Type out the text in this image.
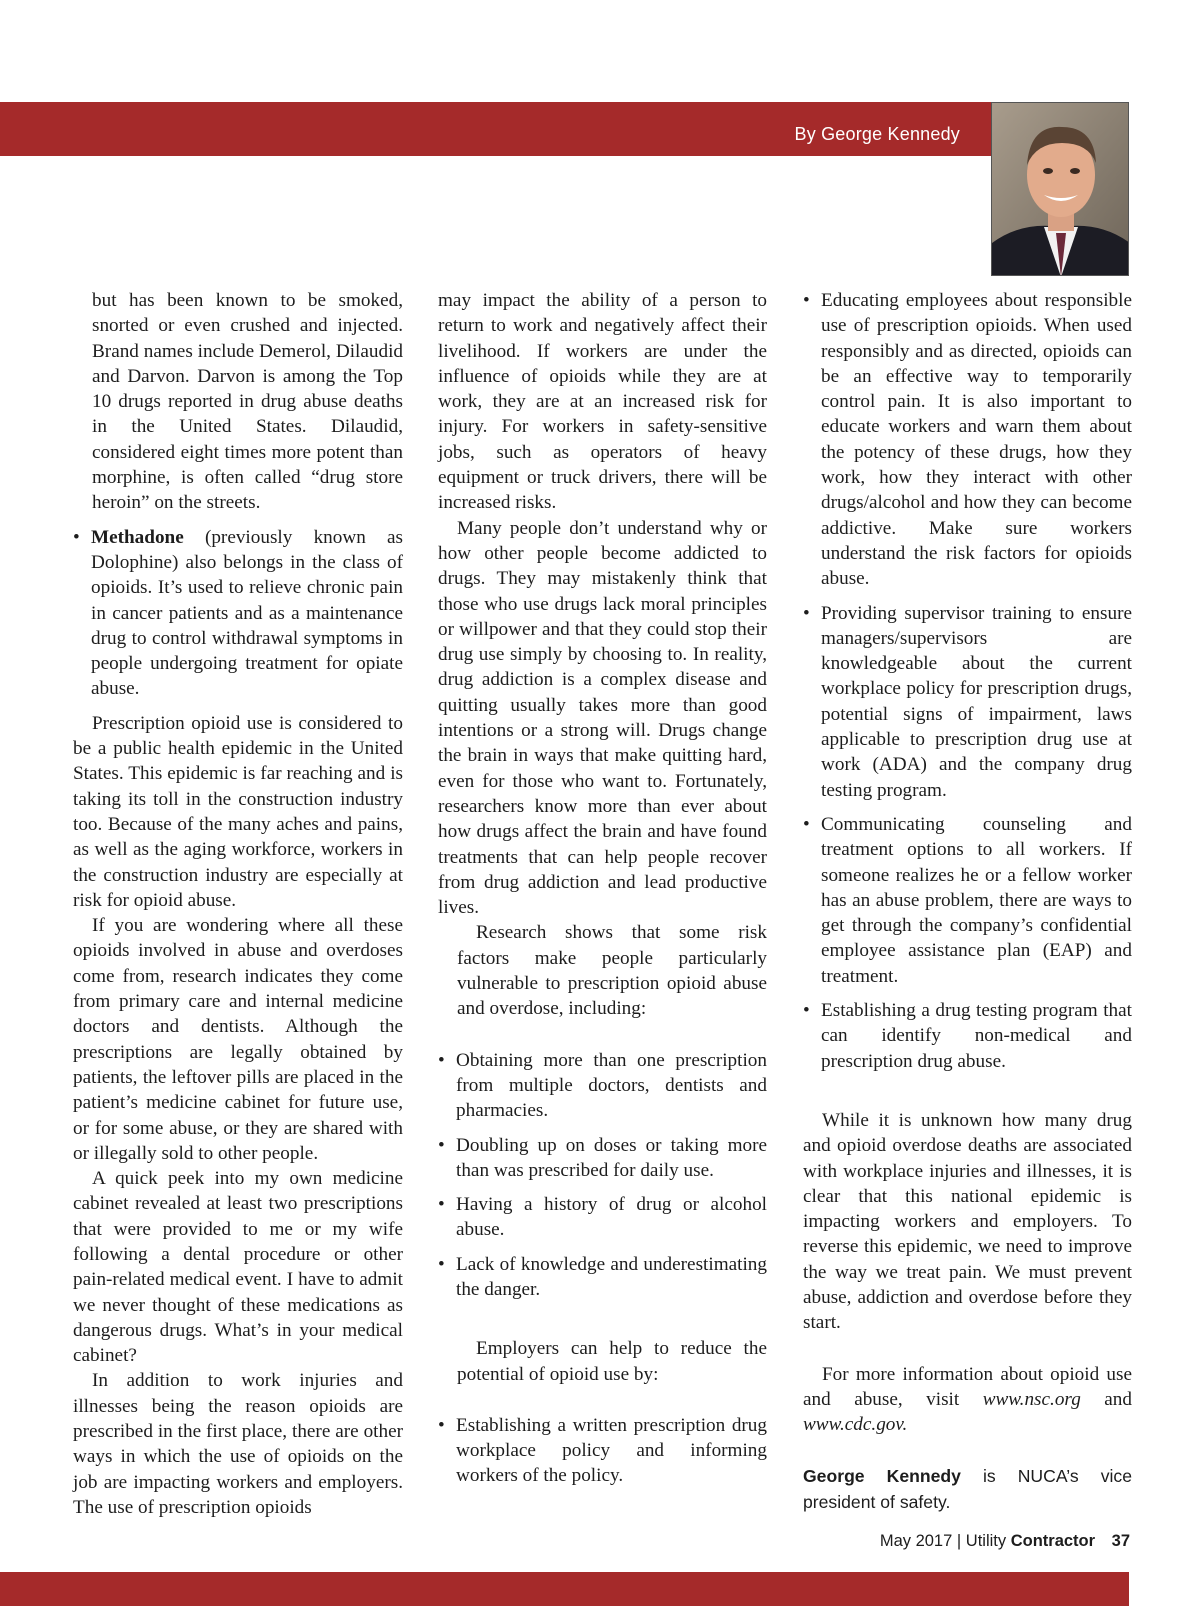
By George Kennedy

but has been known to be smoked, snorted or even crushed and injected. Brand names include Demerol, Dilaudid and Darvon. Darvon is among the Top 10 drugs reported in drug abuse deaths in the United States. Dilaudid, considered eight times more potent than morphine, is often called “drug store heroin” on the streets.

• Methadone (previously known as Dolophine) also belongs in the class of opioids. It’s used to relieve chronic pain in cancer patients and as a maintenance drug to control withdrawal symptoms in people undergoing treatment for opiate abuse.

Prescription opioid use is considered to be a public health epidemic in the United States. This epidemic is far reaching and is taking its toll in the construction industry too. Because of the many aches and pains, as well as the aging workforce, workers in the construction industry are especially at risk for opioid abuse.

If you are wondering where all these opioids involved in abuse and overdoses come from, research indicates they come from primary care and internal medicine doctors and dentists. Although the prescriptions are legally obtained by patients, the leftover pills are placed in the patient’s medicine cabinet for future use, or for some abuse, or they are shared with or illegally sold to other people.

A quick peek into my own medicine cabinet revealed at least two prescriptions that were provided to me or my wife following a dental procedure or other pain-related medical event. I have to admit we never thought of these medications as dangerous drugs. What’s in your medical cabinet?

In addition to work injuries and illnesses being the reason opioids are prescribed in the first place, there are other ways in which the use of opioids on the job are impacting workers and employers. The use of prescription opioids

may impact the ability of a person to return to work and negatively affect their livelihood. If workers are under the influence of opioids while they are at work, they are at an increased risk for injury. For workers in safety-sensitive jobs, such as operators of heavy equipment or truck drivers, there will be increased risks.

Many people don’t understand why or how other people become addicted to drugs. They may mistakenly think that those who use drugs lack moral principles or willpower and that they could stop their drug use simply by choosing to. In reality, drug addiction is a complex disease and quitting usually takes more than good intentions or a strong will. Drugs change the brain in ways that make quitting hard, even for those who want to. Fortunately, researchers know more than ever about how drugs affect the brain and have found treatments that can help people recover from drug addiction and lead productive lives.

Research shows that some risk factors make people particularly vulnerable to prescription opioid abuse and overdose, including:

• Obtaining more than one prescription from multiple doctors, dentists and pharmacies.
• Doubling up on doses or taking more than was prescribed for daily use.
• Having a history of drug or alcohol abuse.
• Lack of knowledge and underestimating the danger.

Employers can help to reduce the potential of opioid use by:

• Establishing a written prescription drug workplace policy and informing workers of the policy.
• Educating employees about responsible use of prescription opioids. When used responsibly and as directed, opioids can be an effective way to temporarily control pain. It is also important to educate workers and warn them about the potency of these drugs, how they work, how they interact with other drugs/alcohol and how they can become addictive. Make sure workers understand the risk factors for opioids abuse.
• Providing supervisor training to ensure managers/supervisors are knowledgeable about the current workplace policy for prescription drugs, potential signs of impairment, laws applicable to prescription drug use at work (ADA) and the company drug testing program.
• Communicating counseling and treatment options to all workers. If someone realizes he or a fellow worker has an abuse problem, there are ways to get through the company’s confidential employee assistance plan (EAP) and treatment.
• Establishing a drug testing program that can identify non-medical and prescription drug abuse.

While it is unknown how many drug and opioid overdose deaths are associated with workplace injuries and illnesses, it is clear that this national epidemic is impacting workers and employers. To reverse this epidemic, we need to improve the way we treat pain. We must prevent abuse, addiction and overdose before they start.

For more information about opioid use and abuse, visit www.nsc.org and www.cdc.gov.

George Kennedy is NUCA’s vice president of safety.

May 2017 | Utility Contractor 37
